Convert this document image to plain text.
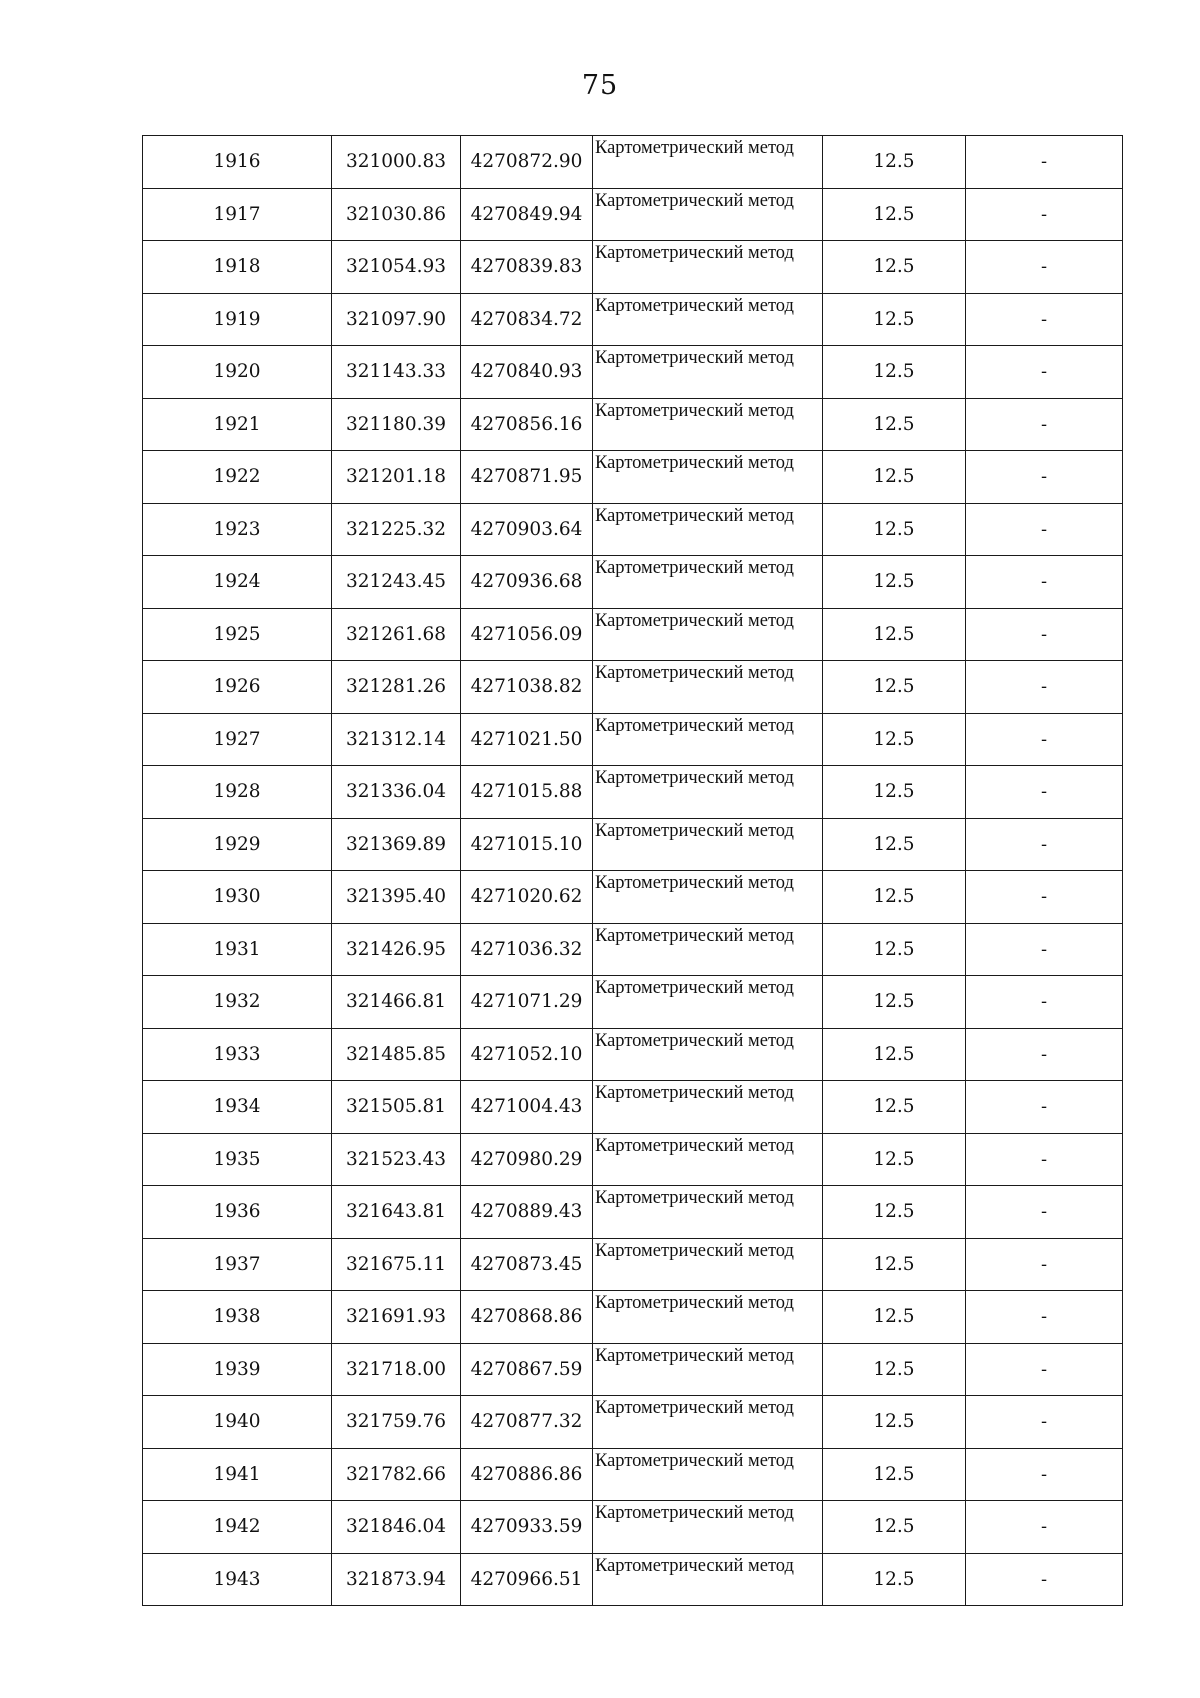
75
1916	321000.83	4270872.90	Картометрический метод	12.5	-
1917	321030.86	4270849.94	Картометрический метод	12.5	-
1918	321054.93	4270839.83	Картометрический метод	12.5	-
1919	321097.90	4270834.72	Картометрический метод	12.5	-
1920	321143.33	4270840.93	Картометрический метод	12.5	-
1921	321180.39	4270856.16	Картометрический метод	12.5	-
1922	321201.18	4270871.95	Картометрический метод	12.5	-
1923	321225.32	4270903.64	Картометрический метод	12.5	-
1924	321243.45	4270936.68	Картометрический метод	12.5	-
1925	321261.68	4271056.09	Картометрический метод	12.5	-
1926	321281.26	4271038.82	Картометрический метод	12.5	-
1927	321312.14	4271021.50	Картометрический метод	12.5	-
1928	321336.04	4271015.88	Картометрический метод	12.5	-
1929	321369.89	4271015.10	Картометрический метод	12.5	-
1930	321395.40	4271020.62	Картометрический метод	12.5	-
1931	321426.95	4271036.32	Картометрический метод	12.5	-
1932	321466.81	4271071.29	Картометрический метод	12.5	-
1933	321485.85	4271052.10	Картометрический метод	12.5	-
1934	321505.81	4271004.43	Картометрический метод	12.5	-
1935	321523.43	4270980.29	Картометрический метод	12.5	-
1936	321643.81	4270889.43	Картометрический метод	12.5	-
1937	321675.11	4270873.45	Картометрический метод	12.5	-
1938	321691.93	4270868.86	Картометрический метод	12.5	-
1939	321718.00	4270867.59	Картометрический метод	12.5	-
1940	321759.76	4270877.32	Картометрический метод	12.5	-
1941	321782.66	4270886.86	Картометрический метод	12.5	-
1942	321846.04	4270933.59	Картометрический метод	12.5	-
1943	321873.94	4270966.51	Картометрический метод	12.5	-
